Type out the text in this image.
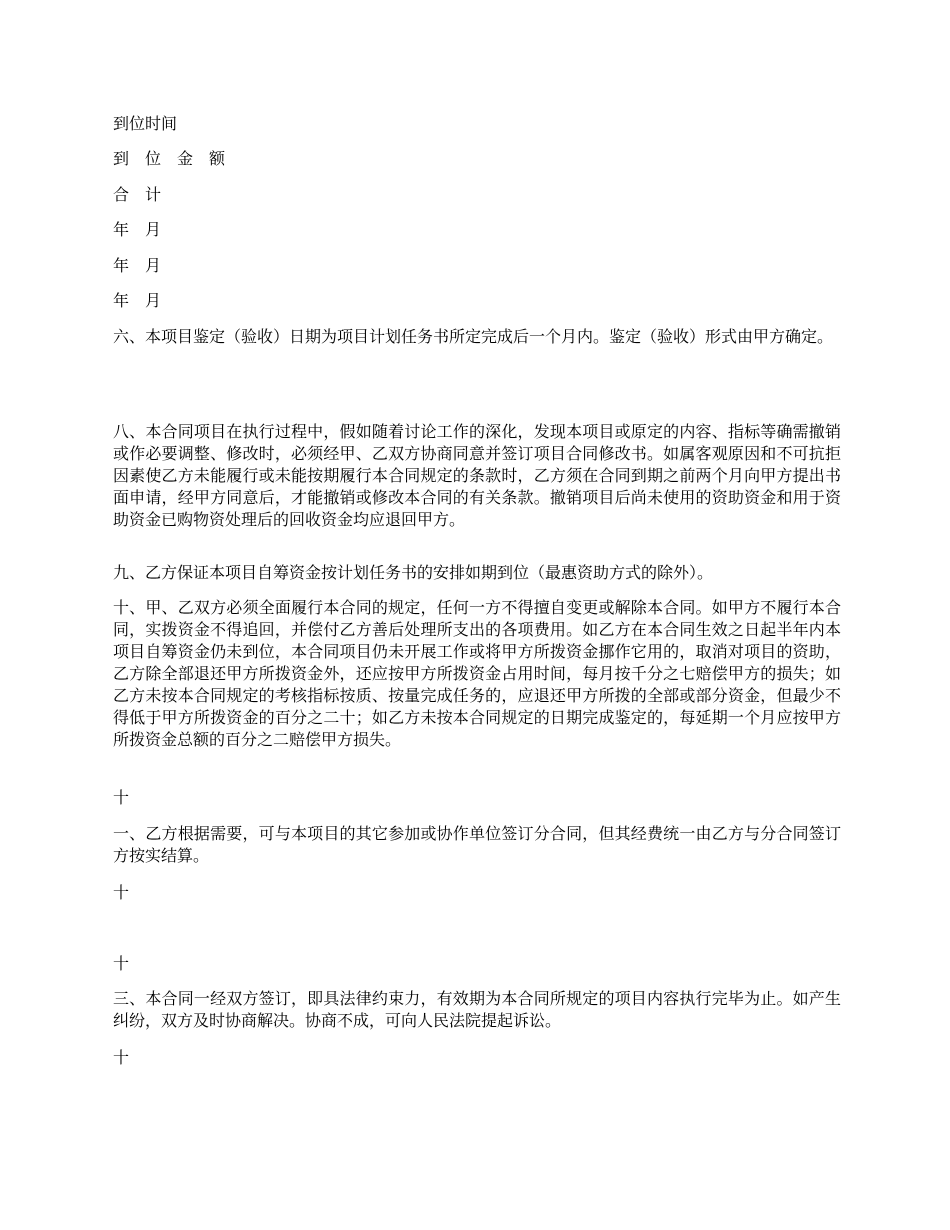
到位时间

到　位　金　额

合　计

年　月

年　月

年　月

六、本项目鉴定（验收）日期为项目计划任务书所定完成后一个月内。鉴定（验收）形式由甲方确定。

八、本合同项目在执行过程中，假如随着讨论工作的深化，发现本项目或原定的内容、指标等确需撤销或作必要调整、修改时，必须经甲、乙双方协商同意并签订项目合同修改书。如属客观原因和不可抗拒因素使乙方未能履行或未能按期履行本合同规定的条款时，乙方须在合同到期之前两个月向甲方提出书面申请，经甲方同意后，才能撤销或修改本合同的有关条款。撤销项目后尚未使用的资助资金和用于资助资金已购物资处理后的回收资金均应退回甲方。

九、乙方保证本项目自筹资金按计划任务书的安排如期到位（最惠资助方式的除外）。

十、甲、乙双方必须全面履行本合同的规定，任何一方不得擅自变更或解除本合同。如甲方不履行本合同，实拨资金不得追回，并偿付乙方善后处理所支出的各项费用。如乙方在本合同生效之日起半年内本项目自筹资金仍未到位，本合同项目仍未开展工作或将甲方所拨资金挪作它用的，取消对项目的资助，乙方除全部退还甲方所拨资金外，还应按甲方所拨资金占用时间，每月按千分之七赔偿甲方的损失；如乙方未按本合同规定的考核指标按质、按量完成任务的，应退还甲方所拨的全部或部分资金，但最少不得低于甲方所拨资金的百分之二十；如乙方未按本合同规定的日期完成鉴定的，每延期一个月应按甲方所拨资金总额的百分之二赔偿甲方损失。

十

一、乙方根据需要，可与本项目的其它参加或协作单位签订分合同，但其经费统一由乙方与分合同签订方按实结算。

十

十

三、本合同一经双方签订，即具法律约束力，有效期为本合同所规定的项目内容执行完毕为止。如产生纠纷，双方及时协商解决。协商不成，可向人民法院提起诉讼。

十
